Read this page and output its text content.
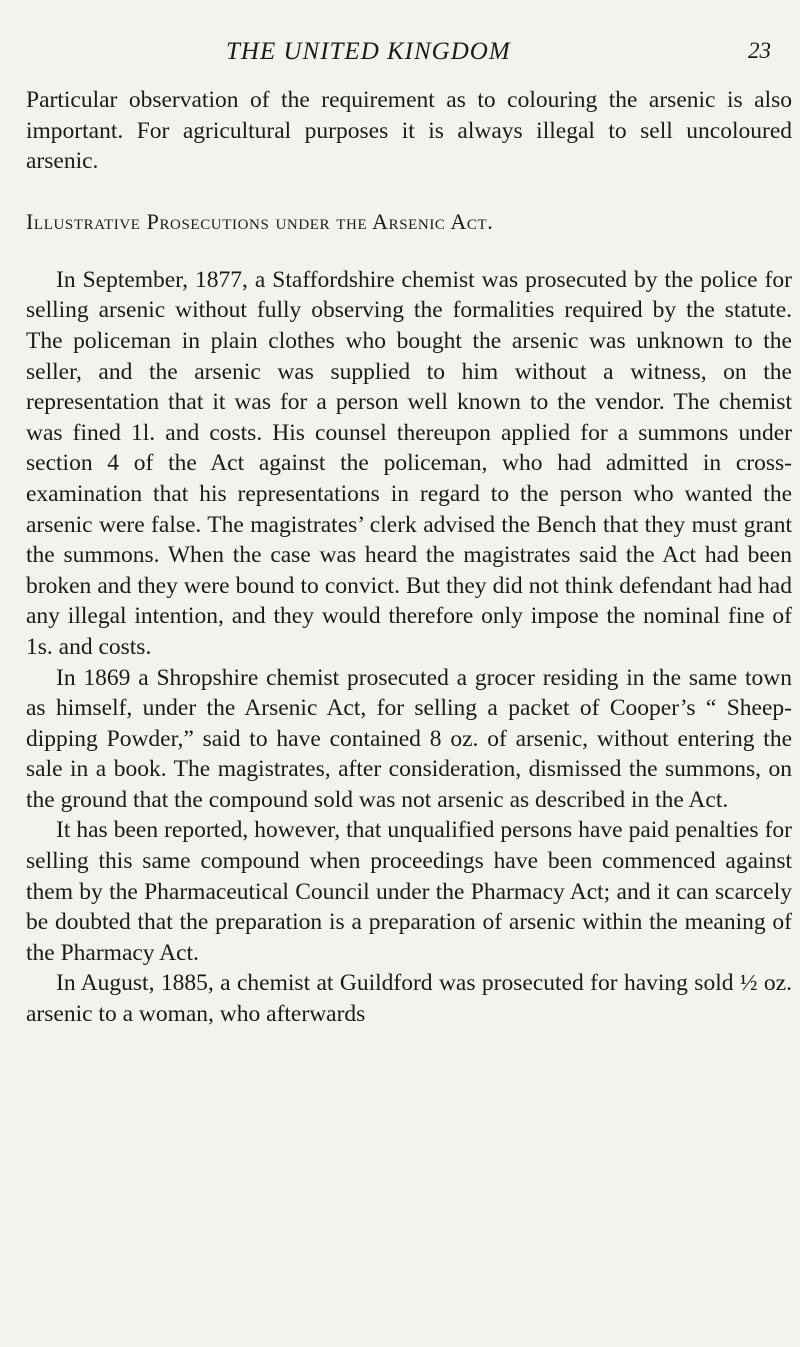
THE UNITED KINGDOM	23

Particular observation of the requirement as to colouring the arsenic is also important. For agricultural purposes it is always illegal to sell uncoloured arsenic.

Illustrative Prosecutions under the Arsenic Act.

In September, 1877, a Staffordshire chemist was prosecuted by the police for selling arsenic without fully observing the formalities required by the statute. The policeman in plain clothes who bought the arsenic was unknown to the seller, and the arsenic was supplied to him without a witness, on the representation that it was for a person well known to the vendor. The chemist was fined 1l. and costs. His counsel thereupon applied for a summons under section 4 of the Act against the policeman, who had admitted in cross-examination that his representations in regard to the person who wanted the arsenic were false. The magistrates’ clerk advised the Bench that they must grant the summons. When the case was heard the magistrates said the Act had been broken and they were bound to convict. But they did not think defendant had had any illegal intention, and they would therefore only impose the nominal fine of 1s. and costs.

In 1869 a Shropshire chemist prosecuted a grocer residing in the same town as himself, under the Arsenic Act, for selling a packet of Cooper’s “ Sheep-dipping Powder,” said to have contained 8 oz. of arsenic, without entering the sale in a book. The magistrates, after consideration, dismissed the summons, on the ground that the compound sold was not arsenic as described in the Act.

It has been reported, however, that unqualified persons have paid penalties for selling this same compound when proceedings have been commenced against them by the Pharmaceutical Council under the Pharmacy Act; and it can scarcely be doubted that the preparation is a preparation of arsenic within the meaning of the Pharmacy Act.

In August, 1885, a chemist at Guildford was prosecuted for having sold ½ oz. arsenic to a woman, who afterwards
